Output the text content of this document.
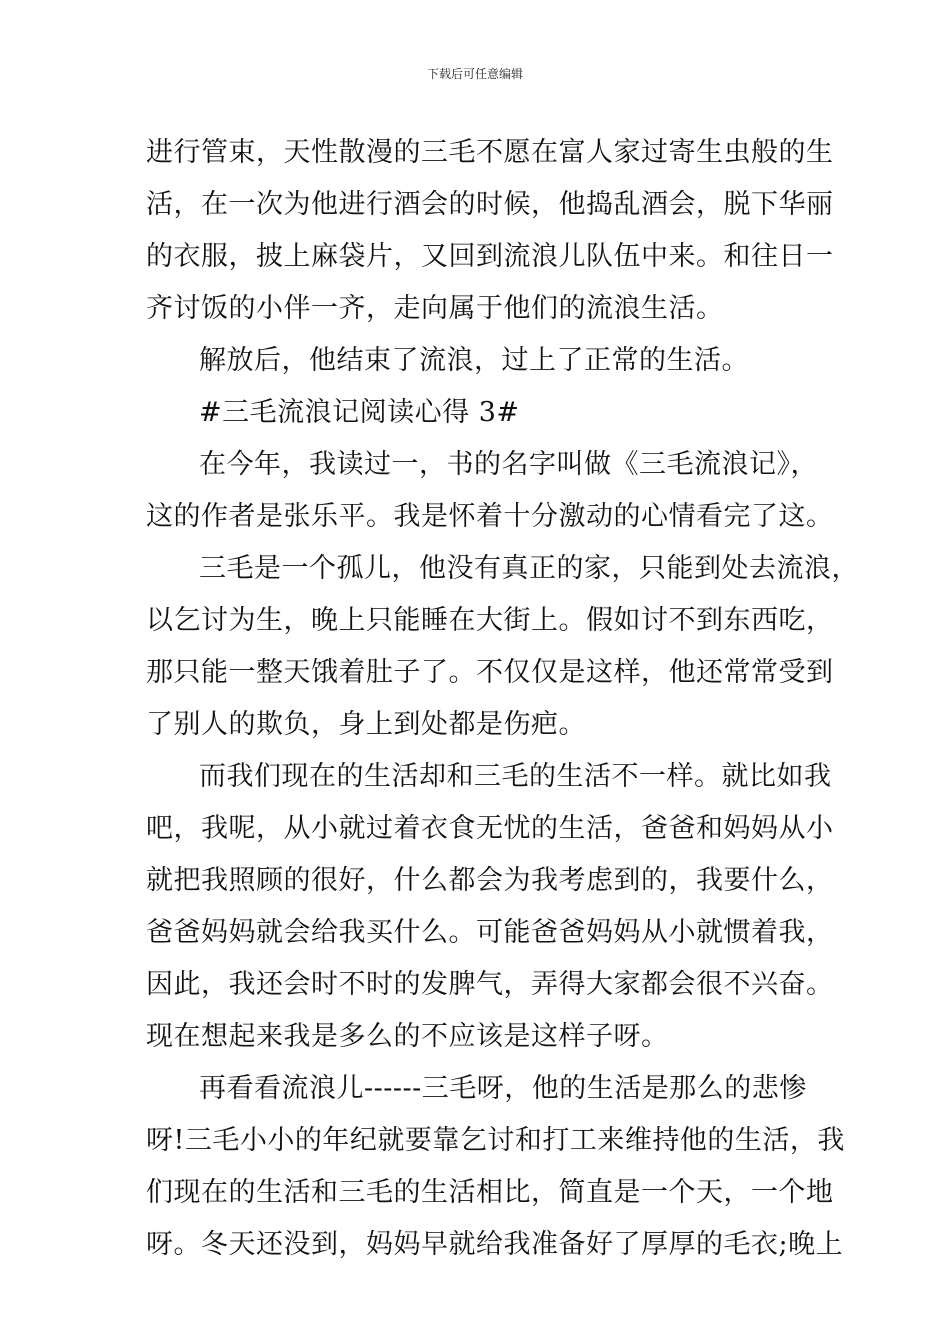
下载后可任意编辑
进行管束，天性散漫的三毛不愿在富人家过寄生虫般的生
活，在一次为他进行酒会的时候，他捣乱酒会，脱下华丽
的衣服，披上麻袋片，又回到流浪儿队伍中来。和往日一
齐讨饭的小伴一齐，走向属于他们的流浪生活。
解放后，他结束了流浪，过上了正常的生活。
#三毛流浪记阅读心得 3#
在今年，我读过一，书的名字叫做《三毛流浪记》，
这的作者是张乐平。我是怀着十分激动的心情看完了这。
三毛是一个孤儿，他没有真正的家，只能到处去流浪，
以乞讨为生，晚上只能睡在大街上。假如讨不到东西吃，
那只能一整天饿着肚子了。不仅仅是这样，他还常常受到
了别人的欺负，身上到处都是伤疤。
而我们现在的生活却和三毛的生活不一样。就比如我
吧，我呢，从小就过着衣食无忧的生活，爸爸和妈妈从小
就把我照顾的很好，什么都会为我考虑到的，我要什么，
爸爸妈妈就会给我买什么。可能爸爸妈妈从小就惯着我，
因此，我还会时不时的发脾气，弄得大家都会很不兴奋。
现在想起来我是多么的不应该是这样子呀。
再看看流浪儿------三毛呀，他的生活是那么的悲惨
呀!三毛小小的年纪就要靠乞讨和打工来维持他的生活，我
们现在的生活和三毛的生活相比，简直是一个天，一个地
呀。冬天还没到，妈妈早就给我准备好了厚厚的毛衣;晚上
